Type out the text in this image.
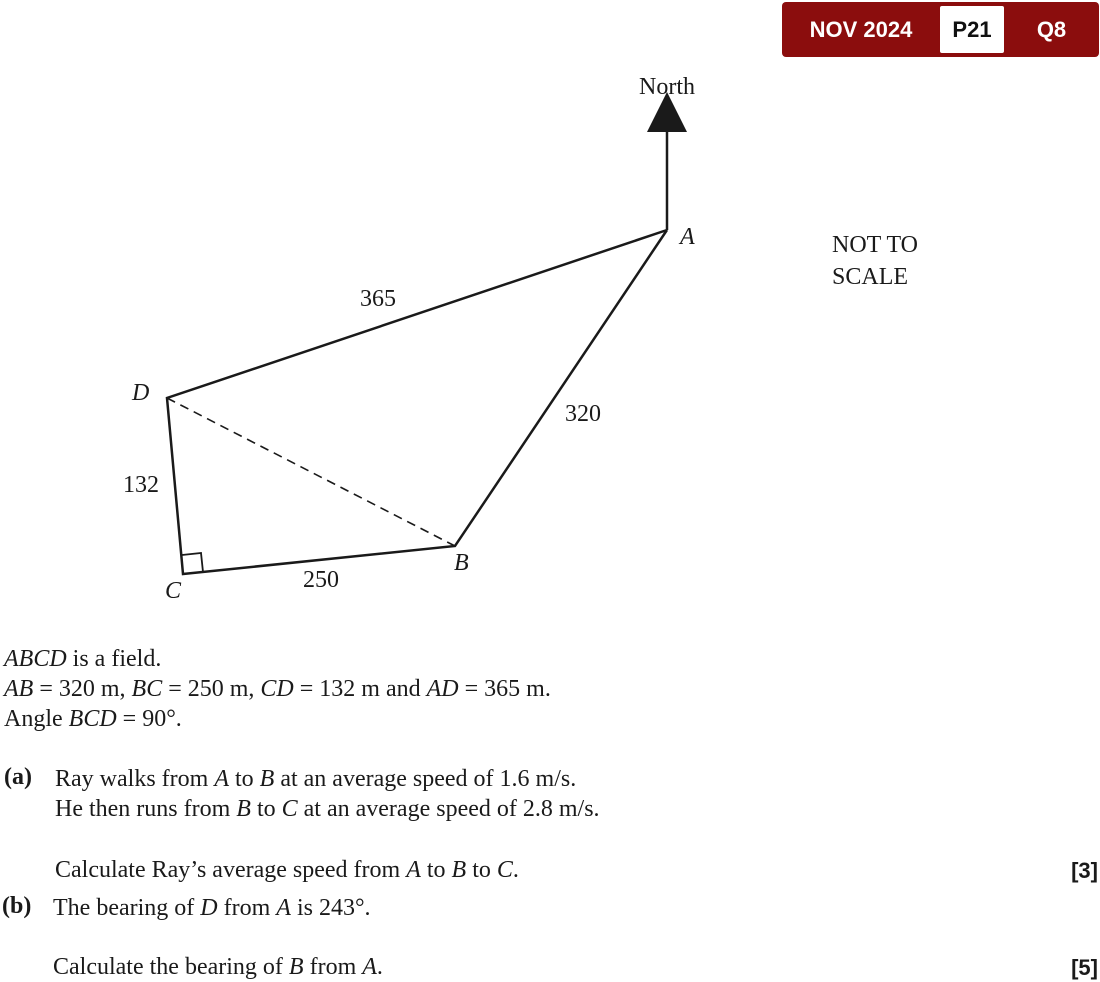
NOV 2024	P21	Q8
North
A
D
C
B
365
320
132
250
NOT TO
SCALE
ABCD is a field.
AB = 320 m, BC = 250 m, CD = 132 m and AD = 365 m.
Angle BCD = 90°.
(a) Ray walks from A to B at an average speed of 1.6 m/s.
He then runs from B to C at an average speed of 2.8 m/s.
Calculate Ray’s average speed from A to B to C.	[3]
(b) The bearing of D from A is 243°.
Calculate the bearing of B from A.	[5]
